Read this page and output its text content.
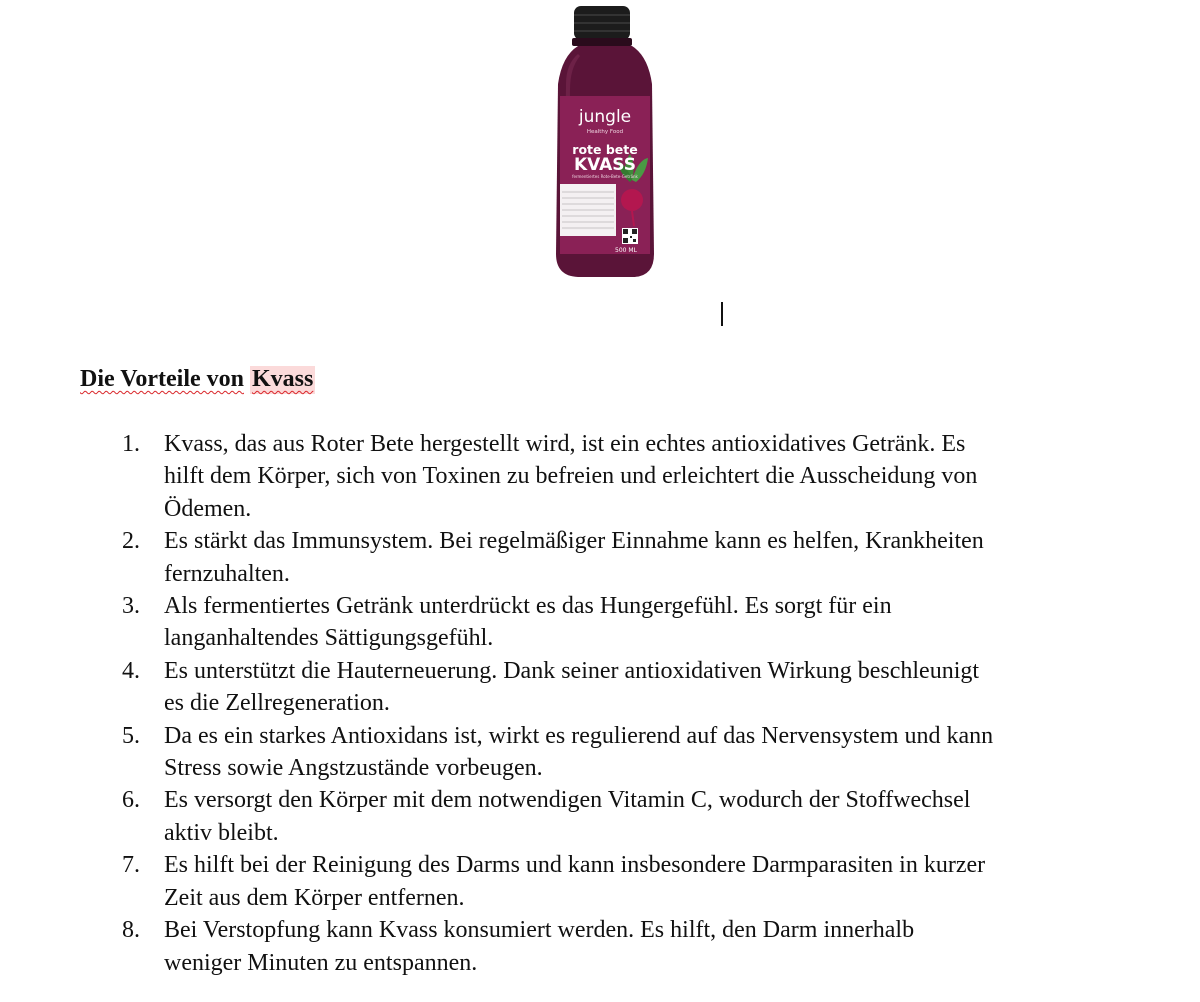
jungle
Healthy Food
rote bete
KVASS
fermentiertes Rote-Bete-Getränk
500 ML
Die Vorteile von Kvass
1. Kvass, das aus Roter Bete hergestellt wird, ist ein echtes antioxidatives Getränk. Es
hilft dem Körper, sich von Toxinen zu befreien und erleichtert die Ausscheidung von
Ödemen.
2. Es stärkt das Immunsystem. Bei regelmäßiger Einnahme kann es helfen, Krankheiten
fernzuhalten.
3. Als fermentiertes Getränk unterdrückt es das Hungergefühl. Es sorgt für ein
langanhaltendes Sättigungsgefühl.
4. Es unterstützt die Hauterneuerung. Dank seiner antioxidativen Wirkung beschleunigt
es die Zellregeneration.
5. Da es ein starkes Antioxidans ist, wirkt es regulierend auf das Nervensystem und kann
Stress sowie Angstzustände vorbeugen.
6. Es versorgt den Körper mit dem notwendigen Vitamin C, wodurch der Stoffwechsel
aktiv bleibt.
7. Es hilft bei der Reinigung des Darms und kann insbesondere Darmparasiten in kurzer
Zeit aus dem Körper entfernen.
8. Bei Verstopfung kann Kvass konsumiert werden. Es hilft, den Darm innerhalb
weniger Minuten zu entspannen.
